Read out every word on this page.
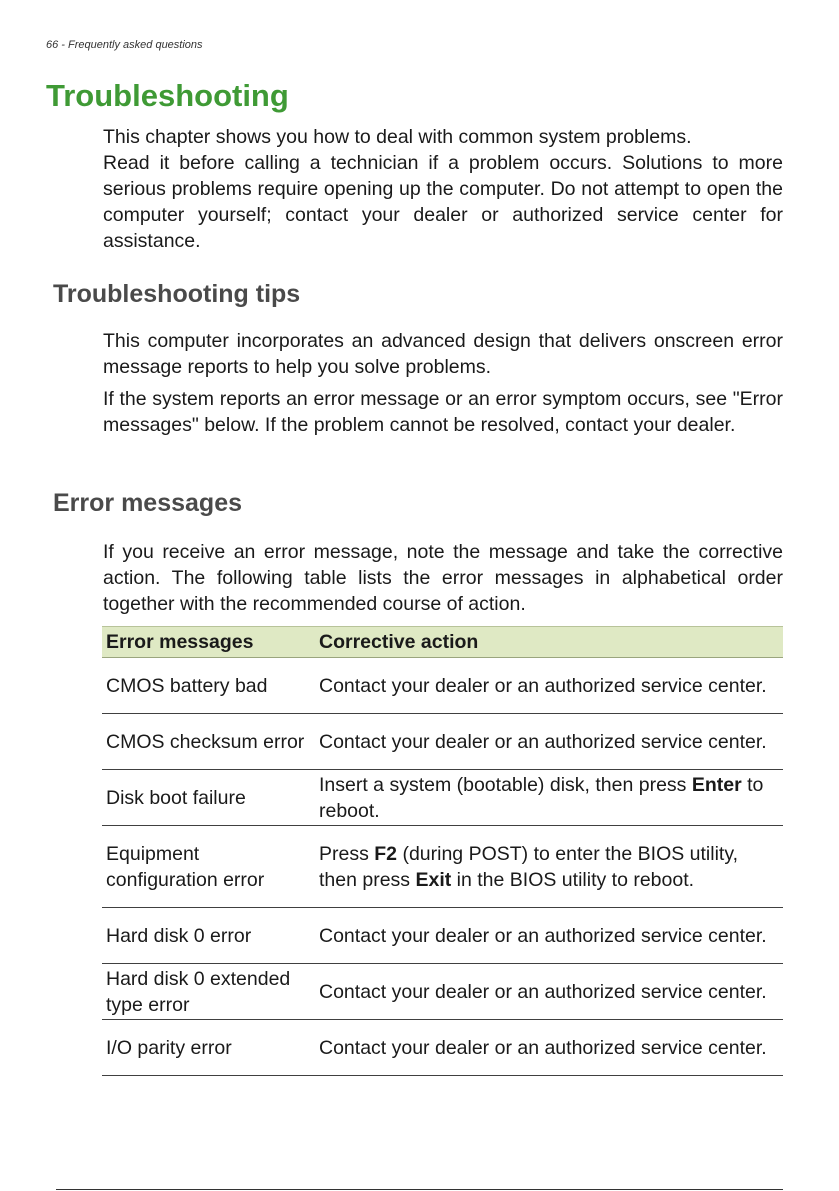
66 - Frequently asked questions
Troubleshooting

This chapter shows you how to deal with common system problems.

Read it before calling a technician if a problem occurs. Solutions to more serious problems require opening up the computer. Do not attempt to open the computer yourself; contact your dealer or authorized service center for assistance.

Troubleshooting tips

This computer incorporates an advanced design that delivers onscreen error message reports to help you solve problems.

If the system reports an error message or an error symptom occurs, see "Error messages" below. If the problem cannot be resolved, contact your dealer.

Error messages

If you receive an error message, note the message and take the corrective action. The following table lists the error messages in alphabetical order together with the recommended course of action.

Error messages	Corrective action
CMOS battery bad	Contact your dealer or an authorized service center.
CMOS checksum error	Contact your dealer or an authorized service center.
Disk boot failure	Insert a system (bootable) disk, then press Enter to reboot.
Equipment configuration error	Press F2 (during POST) to enter the BIOS utility, then press Exit in the BIOS utility to reboot.
Hard disk 0 error	Contact your dealer or an authorized service center.
Hard disk 0 extended type error	Contact your dealer or an authorized service center.
I/O parity error	Contact your dealer or an authorized service center.
